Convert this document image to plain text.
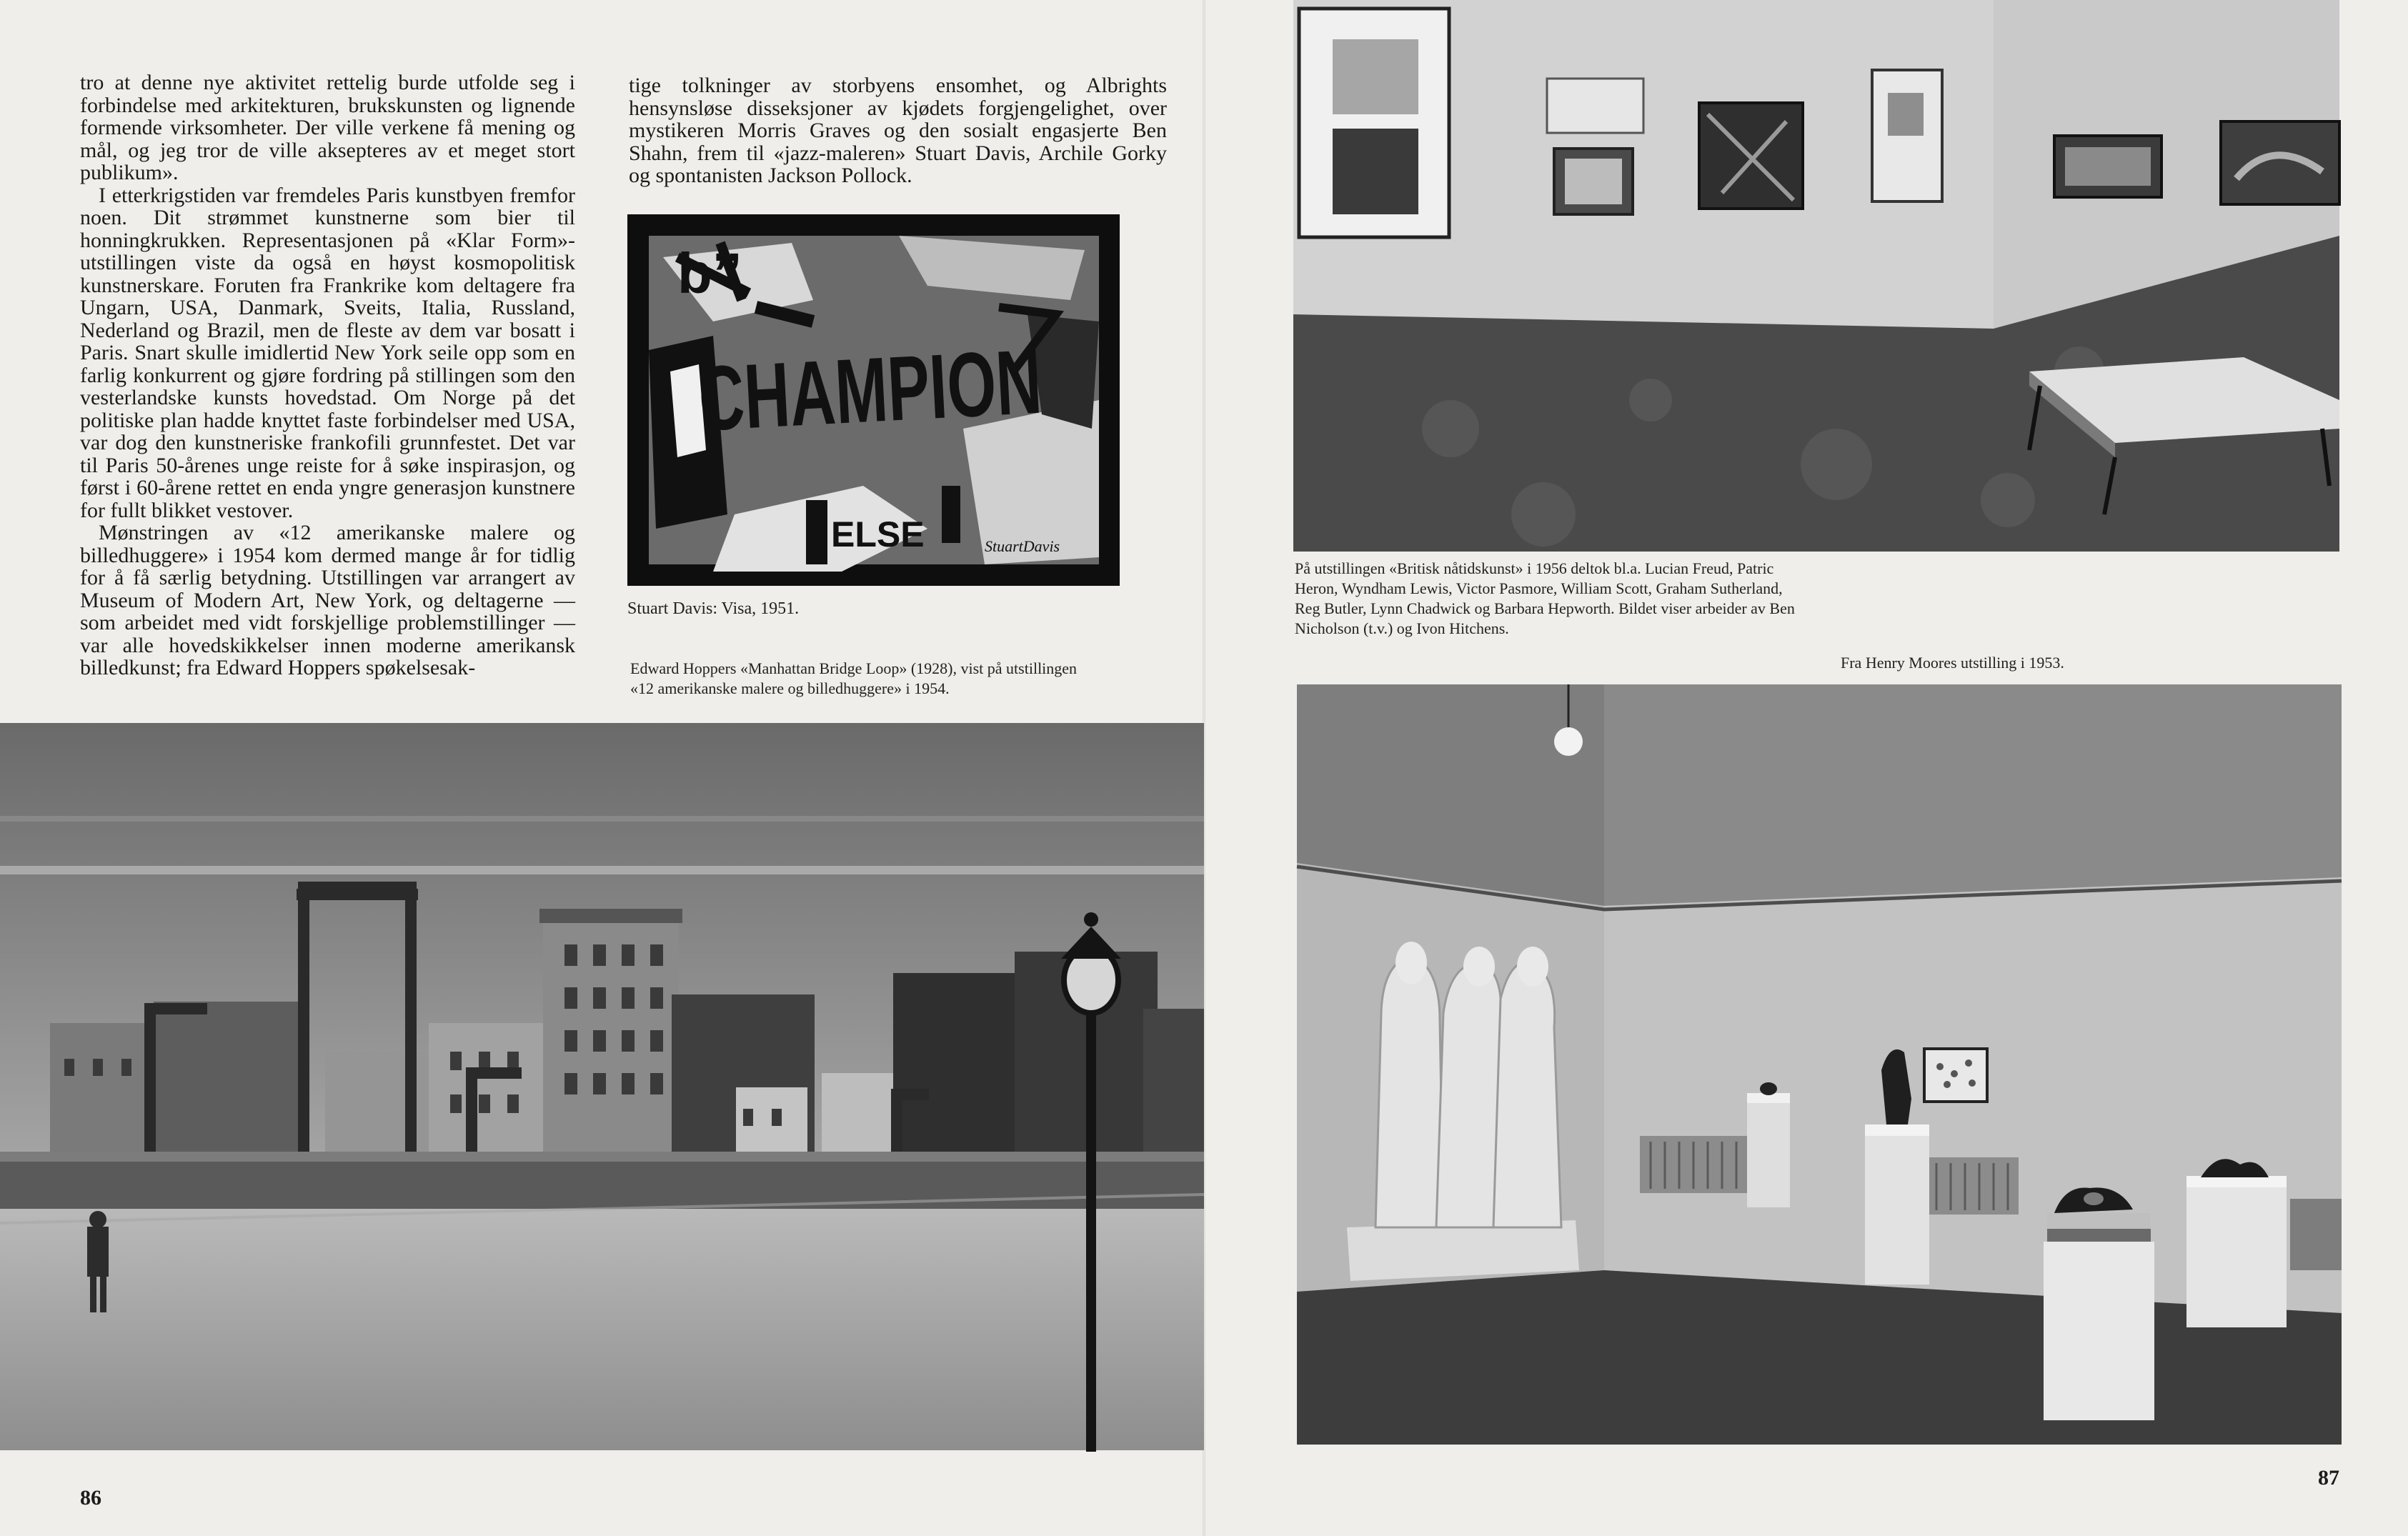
tro at denne nye aktivitet rettelig burde utfolde seg i forbindelse med arkitekturen, brukskunsten og lignende formende virksomheter. Der ville verkene få mening og mål, og jeg tror de ville aksepteres av et meget stort publikum».

I etterkrigstiden var fremdeles Paris kunstbyen fremfor noen. Dit strømmet kunstnerne som bier til honningkrukken. Representasjonen på «Klar Form»-utstillingen viste da også en høyst kosmopolitisk kunstnerskare. Foruten fra Frankrike kom deltagere fra Ungarn, USA, Danmark, Sveits, Italia, Russland, Nederland og Brazil, men de fleste av dem var bosatt i Paris. Snart skulle imidlertid New York seile opp som en farlig konkurrent og gjøre fordring på stillingen som den vesterlandske kunsts hovedstad. Om Norge på det politiske plan hadde knyttet faste forbindelser med USA, var dog den kunstneriske frankofili grunnfestet. Det var til Paris 50-årenes unge reiste for å søke inspirasjon, og først i 60-årene rettet en enda yngre generasjon kunstnere for fullt blikket vestover.

Mønstringen av «12 amerikanske malere og billedhuggere» i 1954 kom dermed mange år for tidlig for å få særlig betydning. Utstillingen var arrangert av Museum of Modern Art, New York, og deltagerne — som arbeidet med vidt forskjellige problemstillinger — var alle hovedskikkelser innen moderne amerikansk billedkunst; fra Edward Hoppers spøkelsesak-

tige tolkninger av storbyens ensomhet, og Albrights hensynsløse disseksjoner av kjødets forgjengelighet, over mystikeren Morris Graves og den sosialt engasjerte Ben Shahn, frem til «jazz-maleren» Stuart Davis, Archile Gorky og spontanisten Jackson Pollock.

b’’
CHAMPION
ELSE	StuartDavis
Stuart Davis: Visa, 1951.
Edward Hoppers «Manhattan Bridge Loop» (1928), vist på utstillingen «12 amerikanske malere og billedhuggere» i 1954.
86
På utstillingen «Britisk nåtidskunst» i 1956 deltok bl.a. Lucian Freud, Patric Heron, Wyndham Lewis, Victor Pasmore, William Scott, Graham Sutherland, Reg Butler, Lynn Chadwick og Barbara Hepworth. Bildet viser arbeider av Ben Nicholson (t.v.) og Ivon Hitchens.
Fra Henry Moores utstilling i 1953.
87
